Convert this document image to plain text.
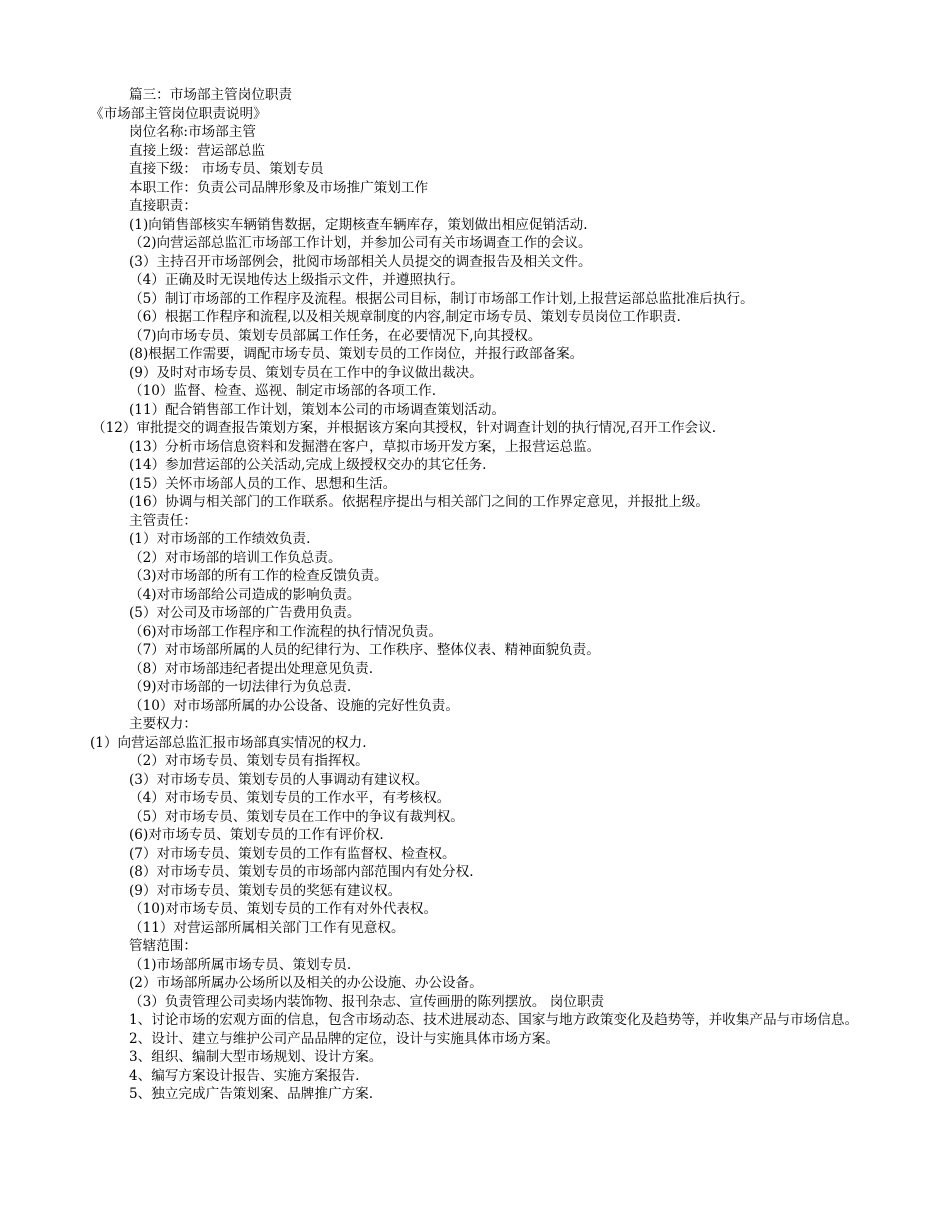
篇三：市场部主管岗位职责
《市场部主管岗位职责说明》
岗位名称:市场部主管
直接上级：营运部总监
直接下级： 市场专员、策划专员
本职工作：负责公司品牌形象及市场推广策划工作
直接职责：
(1)向销售部核实车辆销售数据，定期核查车辆库存，策划做出相应促销活动.
（2)向营运部总监汇市场部工作计划，并参加公司有关市场调查工作的会议。
(3）主持召开市场部例会，批阅市场部相关人员提交的调查报告及相关文件。
（4）正确及时无误地传达上级指示文件，并遵照执行。
（5）制订市场部的工作程序及流程。根据公司目标，制订市场部工作计划,上报营运部总监批准后执行。
（6）根据工作程序和流程,以及相关规章制度的内容,制定市场专员、策划专员岗位工作职责.
（7)向市场专员、策划专员部属工作任务，在必要情况下,向其授权。
(8)根据工作需要，调配市场专员、策划专员的工作岗位，并报行政部备案。
(9）及时对市场专员、策划专员在工作中的争议做出裁决。
（10）监督、检查、巡视、制定市场部的各项工作.
(11）配合销售部工作计划，策划本公司的市场调查策划活动。
（12）审批提交的调查报告策划方案，并根据该方案向其授权，针对调查计划的执行情况,召开工作会议.
(13）分析市场信息资料和发掘潜在客户，草拟市场开发方案，上报营运总监。
(14）参加营运部的公关活动,完成上级授权交办的其它任务.
(15）关怀市场部人员的工作、思想和生活。
(16）协调与相关部门的工作联系。依据程序提出与相关部门之间的工作界定意见，并报批上级。
主管责任：
(1）对市场部的工作绩效负责.
（2）对市场部的培训工作负总责。
（3)对市场部的所有工作的检查反馈负责。
（4)对市场部给公司造成的影响负责。
(5）对公司及市场部的广告费用负责。
（6)对市场部工作程序和工作流程的执行情况负责。
（7）对市场部所属的人员的纪律行为、工作秩序、整体仪表、精神面貌负责。
（8）对市场部违纪者提出处理意见负责.
（9)对市场部的一切法律行为负总责.
（10）对市场部所属的办公设备、设施的完好性负责。
主要权力：
(1）向营运部总监汇报市场部真实情况的权力.
（2）对市场专员、策划专员有指挥权。
(3）对市场专员、策划专员的人事调动有建议权。
（4）对市场专员、策划专员的工作水平，有考核权。
（5）对市场专员、策划专员在工作中的争议有裁判权。
(6)对市场专员、策划专员的工作有评价权.
(7）对市场专员、策划专员的工作有监督权、检查权。
(8）对市场专员、策划专员的市场部内部范围内有处分权.
(9）对市场专员、策划专员的奖惩有建议权。
（10)对市场专员、策划专员的工作有对外代表权。
（11）对营运部所属相关部门工作有见意权。
管辖范围：
（1)市场部所属市场专员、策划专员.
(2）市场部所属办公场所以及相关的办公设施、办公设备。
（3）负责管理公司卖场内装饰物、报刊杂志、宣传画册的陈列摆放。 岗位职责
1、讨论市场的宏观方面的信息，包含市场动态、技术进展动态、国家与地方政策变化及趋势等，并收集产品与市场信息。
2、设计、建立与维护公司产品品牌的定位，设计与实施具体市场方案。
3、组织、编制大型市场规划、设计方案。
4、编写方案设计报告、实施方案报告.
5、独立完成广告策划案、品牌推广方案.
